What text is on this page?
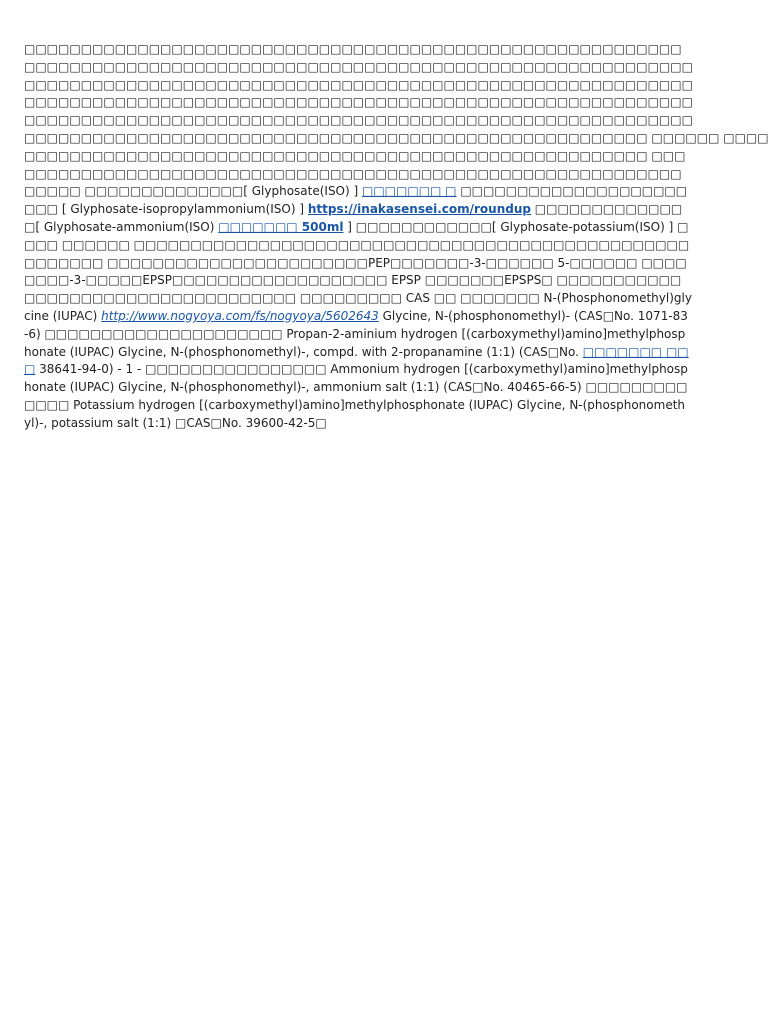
□□□□□□□□□□□□□□□□□□□□□□□□□□□□□□□□□□□□□□□□□□□□□□□□□□□□□□□□□□
□□□□□□□□□□□□□□□□□□□□□□□□□□□□□□□□□□□□□□□□□□□□□□□□□□□□□□□□□□□
□□□□□□□□□□□□□□□□□□□□□□□□□□□□□□□□□□□□□□□□□□□□□□□□□□□□□□□□□□□
□□□□□□□□□□□□□□□□□□□□□□□□□□□□□□□□□□□□□□□□□□□□□□□□□□□□□□□□□□□
□□□□□□□□□□□□□□□□□□□□□□□□□□□□□□□□□□□□□□□□□□□□□□□□□□□□□□□□□□□
□□□□□□□□□□□□□□□□□□□□□□□□□□□□□□□□□□□□□□□□□□□□□□□□□□□□□□□ □□□□□□ □□□□
□□□□□□□□□□□□□□□□□□□□□□□□□□□□□□□□□□□□□□□□□□□□□□□□□□□□□□□ □□□□□□□□□□□□□□□□□□□□□□□□□□□□□□□□□□□□□□□□□□□□□□□□□□□□□□□□□□□□□ □□□□□ □□□□□□□□□□□□□□[ Glyphosate(ISO) ] □□□□□□□ □ □□□□□□□□□□□□□□□□□□□□□□□ [ Glyphosate-isopropylammonium(ISO) ] https://inakasensei.com/roundup □□□□□□□□□□□□□□[ Glyphosate-ammonium(ISO) □□□□□□□ 500ml ] □□□□□□□□□□□□[ Glyphosate-potassium(ISO) ] □□□□ □□□□□□ □□□□□□□□□□□□□□□□□□□□□□□□□□□□□□□□□□□□□□□□□□□□□□□□□□□□□□□□ □□□□□□□□□□□□□□□□□□□□□□□PEP□□□□□□□-3-□□□□□□ 5-□□□□□□ □□□□□□□□-3-□□□□□EPSP□□□□□□□□□□□□□□□□□□□ EPSP □□□□□□□EPSPS□ □□□□□□□□□□□□□□□□□□□□□□□□□□□□□□□□□□□ □□□□□□□□□ CAS □□ □□□□□□□ N-(Phosphonomethyl)glycine (IUPAC) http://www.nogyoya.com/fs/nogyoya/5602643 Glycine, N-(phosphonomethyl)- (CAS□No. 1071-83-6) □□□□□□□□□□□□□□□□□□□□□ Propan-2-aminium hydrogen [(carboxymethyl)amino]methylphosphonate (IUPAC) Glycine, N-(phosphonomethyl)-, compd. with 2-propanamine (1:1) (CAS□No. □□□□□□□ □□□ 38641-94-0) - 1 - □□□□□□□□□□□□□□□□ Ammonium hydrogen [(carboxymethyl)amino]methylphosphonate (IUPAC) Glycine, N-(phosphonomethyl)-, ammonium salt (1:1) (CAS□No. 40465-66-5) □□□□□□□□□□□□□ Potassium hydrogen [(carboxymethyl)amino]methylphosphonate (IUPAC) Glycine, N-(phosphonomethyl)-, potassium salt (1:1) □CAS□No. 39600-42-5□
